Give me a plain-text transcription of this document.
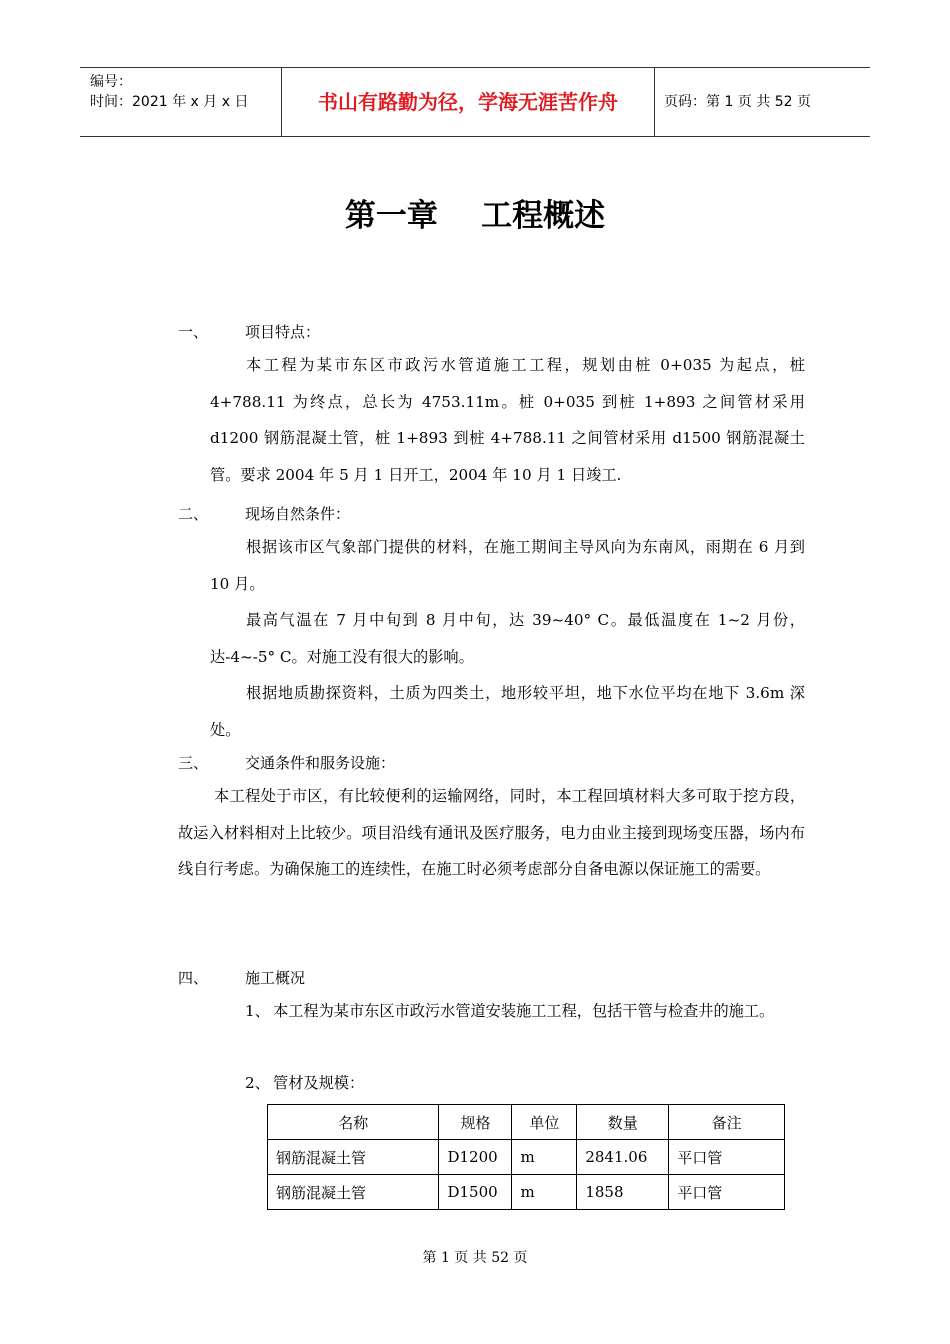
编号：
时间：2021 年 x 月 x 日	书山有路勤为径，学海无涯苦作舟	页码：第 1 页 共 52 页
第一章    工程概述
一、 项目特点：
本工程为某市东区市政污水管道施工工程，规划由桩 0+035 为起点，桩 4+788.11 为终点，总长为 4753.11m。桩 0+035 到桩 1+893 之间管材采用 d1200 钢筋混凝土管，桩 1+893 到桩 4+788.11 之间管材采用 d1500 钢筋混凝土管。要求 2004 年 5 月 1 日开工，2004 年 10 月 1 日竣工.
二、 现场自然条件：
根据该市区气象部门提供的材料，在施工期间主导风向为东南风，雨期在 6 月到 10 月。
最高气温在 7 月中旬到 8 月中旬，达 39~40° C。最低温度在 1~2 月份，达-4~-5° C。对施工没有很大的影响。
根据地质勘探资料，土质为四类土，地形较平坦，地下水位平均在地下 3.6m 深处。
三、 交通条件和服务设施：
本工程处于市区，有比较便利的运输网络，同时，本工程回填材料大多可取于挖方段，故运入材料相对上比较少。项目沿线有通讯及医疗服务，电力由业主接到现场变压器，场内布线自行考虑。为确保施工的连续性，在施工时必须考虑部分自备电源以保证施工的需要。
四、 施工概况
1、 本工程为某市东区市政污水管道安装施工工程，包括干管与检查井的施工。
2、 管材及规模：
名称	规格	单位	数量	备注
钢筋混凝土管	D1200	m	2841.06	平口管
钢筋混凝土管	D1500	m	1858	平口管
第 1 页 共 52 页
